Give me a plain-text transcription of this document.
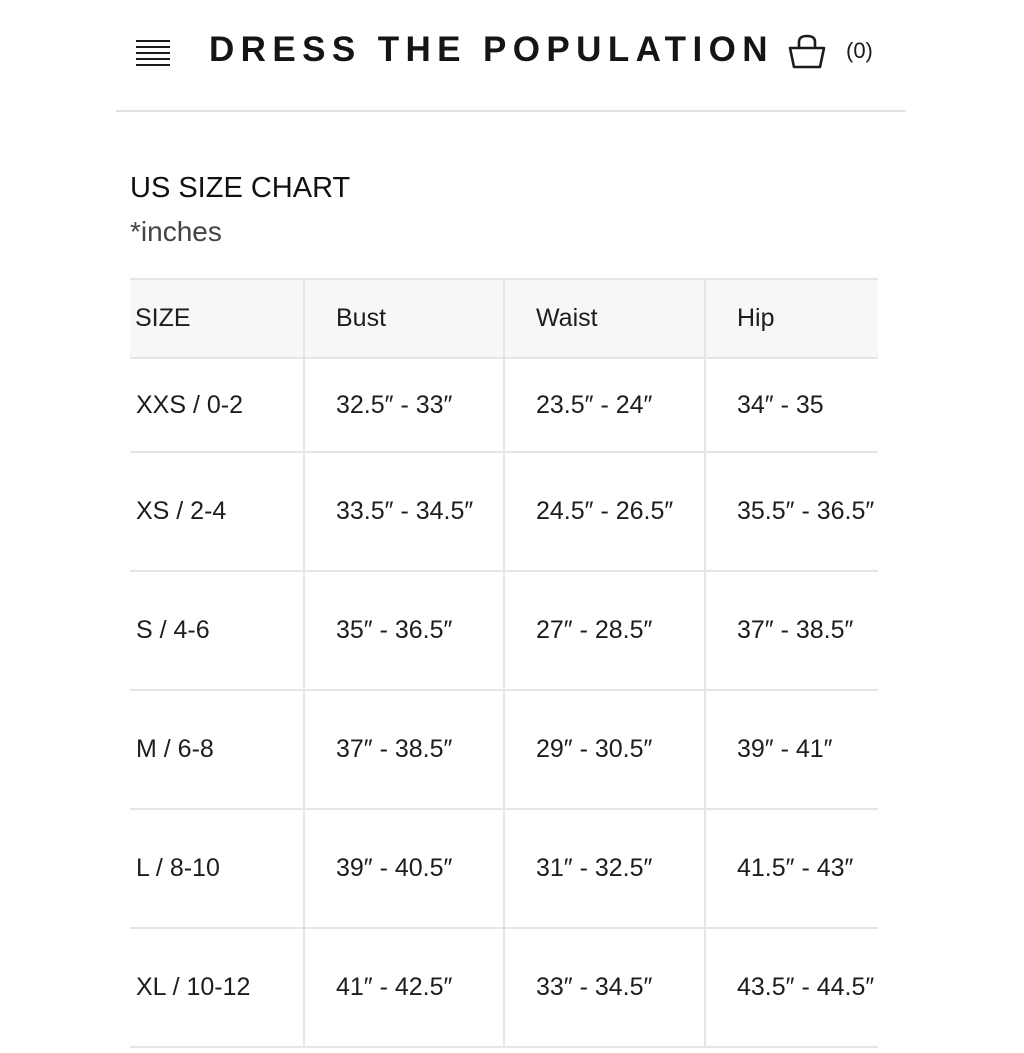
DRESS THE POPULATION	(0)
US SIZE CHART
*inches
SIZE	Bust	Waist	Hip
XXS / 0-2	32.5″ - 33″	23.5″ - 24″	34″ - 35
XS / 2-4	33.5″ - 34.5″	24.5″ - 26.5″	35.5″ - 36.5″
S / 4-6	35″ - 36.5″	27″ - 28.5″	37″ - 38.5″
M / 6-8	37″ - 38.5″	29″ - 30.5″	39″ - 41″
L / 8-10	39″ - 40.5″	31″ - 32.5″	41.5″ - 43″
XL / 10-12	41″ - 42.5″	33″ - 34.5″	43.5″ - 44.5″
